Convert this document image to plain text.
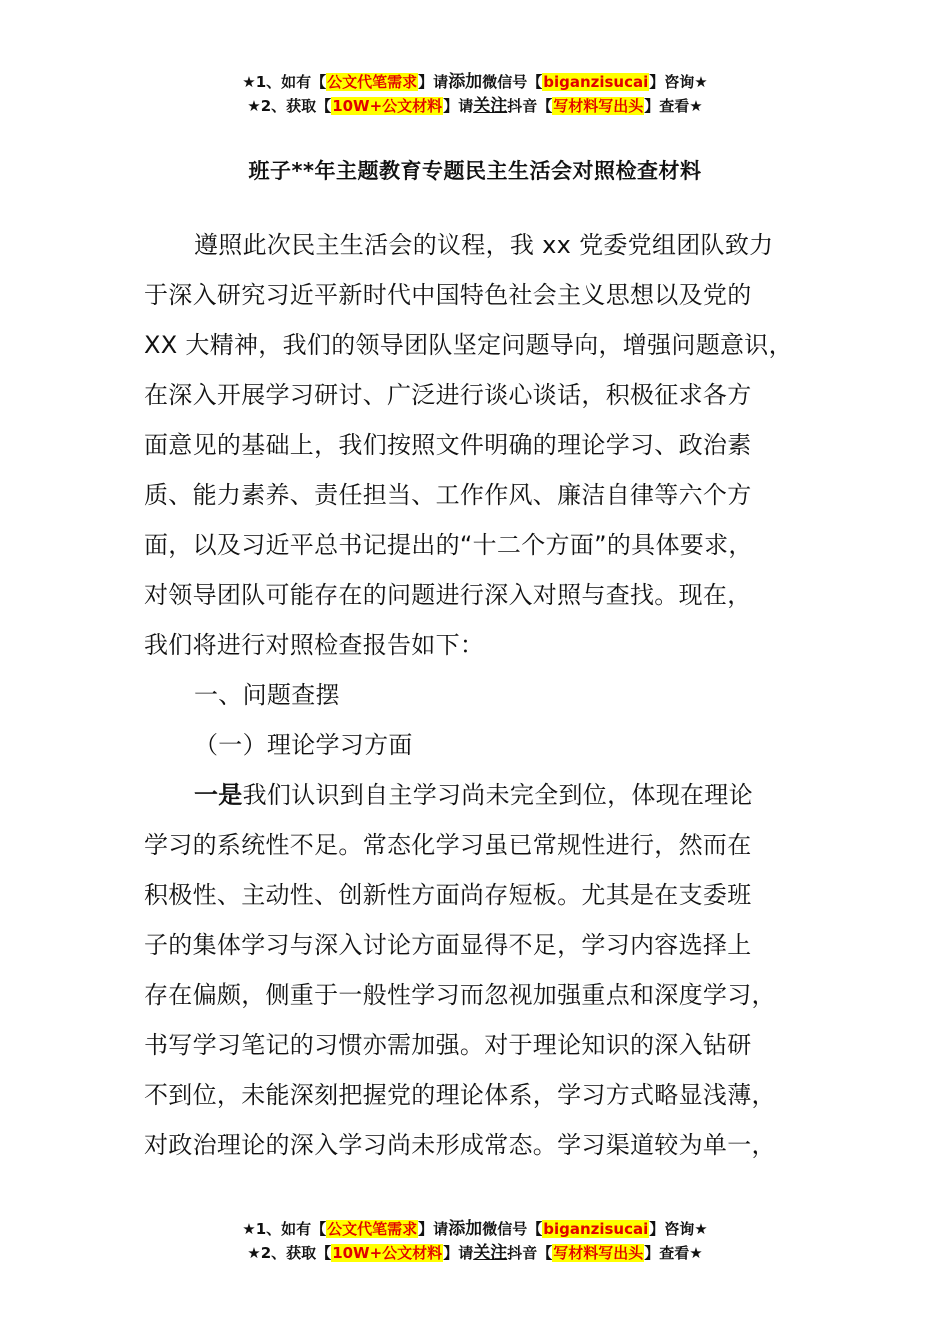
★1、如有【公文代笔需求】请添加微信号【biganzisucai】咨询★
★2、获取【10W+公文材料】请关注抖音【写材料写出头】查看★
班子**年主题教育专题民主生活会对照检查材料
遵照此次民主生活会的议程，我 xx 党委党组团队致力
于深入研究习近平新时代中国特色社会主义思想以及党的
XX 大精神，我们的领导团队坚定问题导向，增强问题意识，
在深入开展学习研讨、广泛进行谈心谈话，积极征求各方
面意见的基础上，我们按照文件明确的理论学习、政治素
质、能力素养、责任担当、工作作风、廉洁自律等六个方
面，以及习近平总书记提出的“十二个方面”的具体要求，
对领导团队可能存在的问题进行深入对照与查找。现在，
我们将进行对照检查报告如下：
一、问题查摆
（一）理论学习方面
一是我们认识到自主学习尚未完全到位，体现在理论
学习的系统性不足。常态化学习虽已常规性进行，然而在
积极性、主动性、创新性方面尚存短板。尤其是在支委班
子的集体学习与深入讨论方面显得不足，学习内容选择上
存在偏颇，侧重于一般性学习而忽视加强重点和深度学习，
书写学习笔记的习惯亦需加强。对于理论知识的深入钻研
不到位，未能深刻把握党的理论体系，学习方式略显浅薄，
对政治理论的深入学习尚未形成常态。学习渠道较为单一，
★1、如有【公文代笔需求】请添加微信号【biganzisucai】咨询★
★2、获取【10W+公文材料】请关注抖音【写材料写出头】查看★
